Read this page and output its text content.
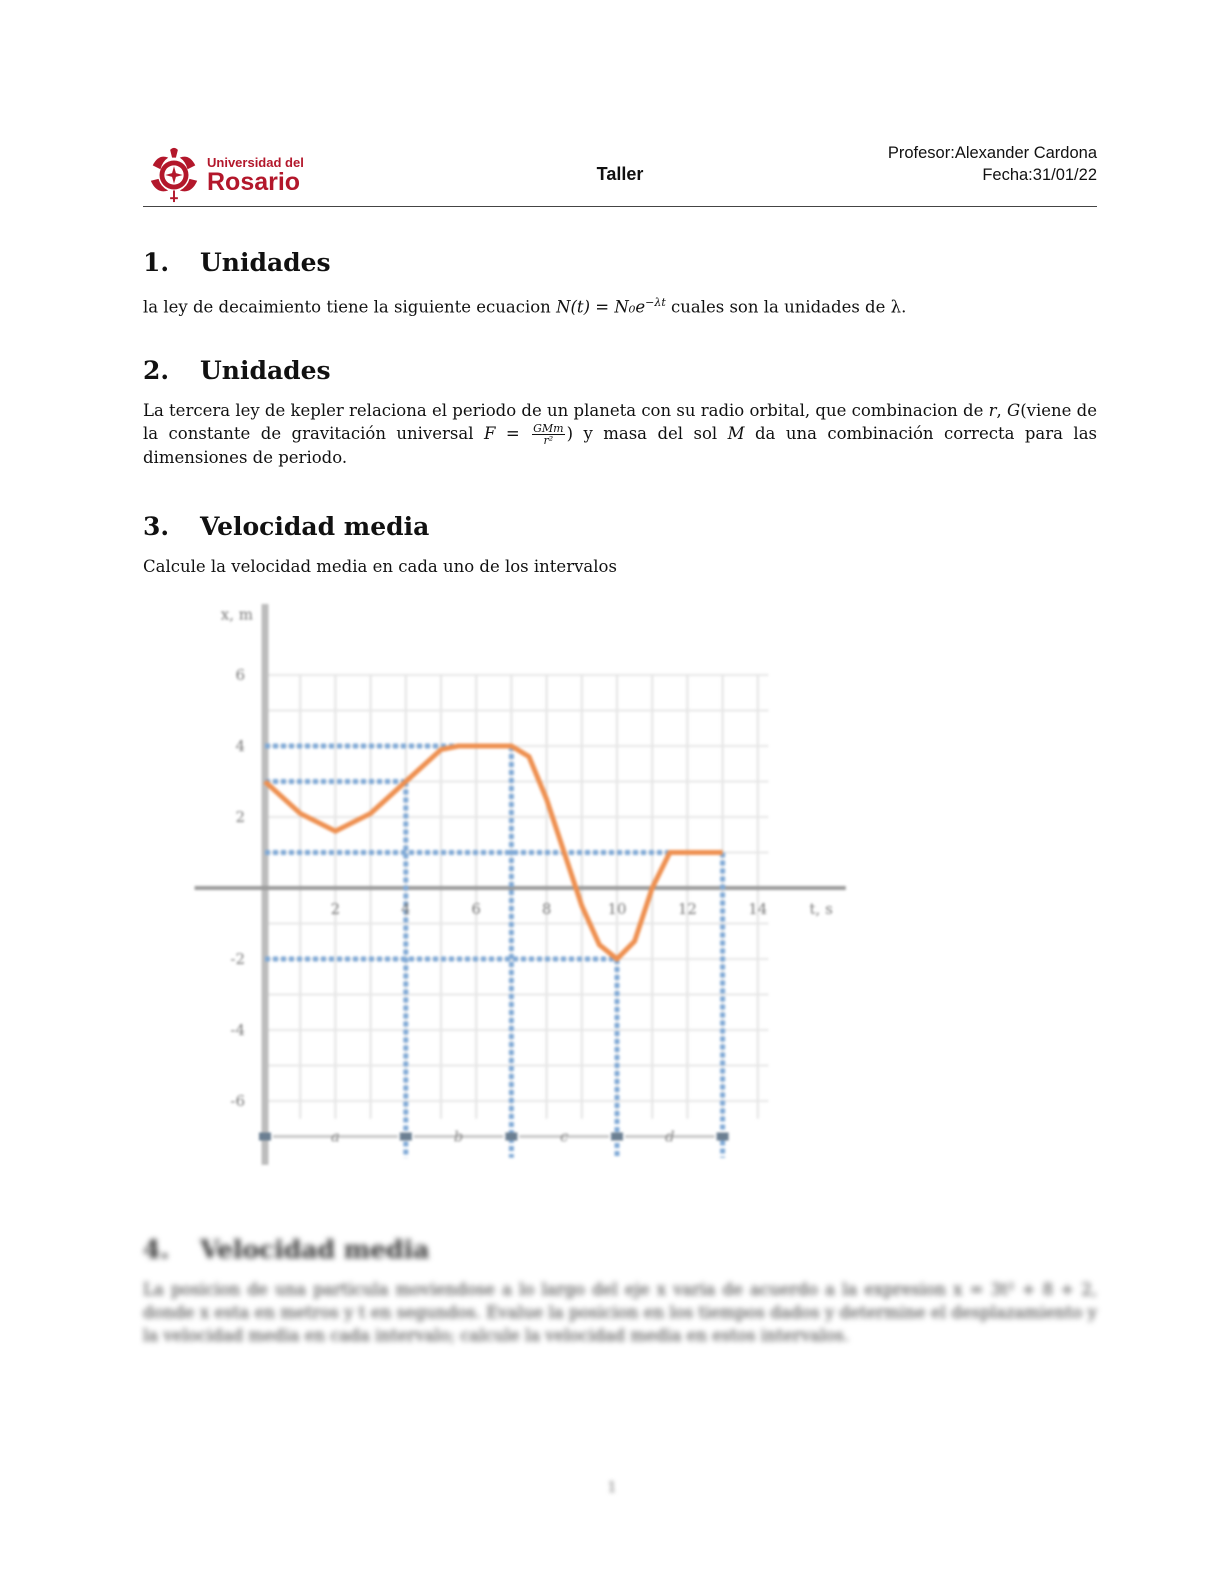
Universidad del
Rosario	Taller
Profesor:Alexander Cardona
Fecha:31/01/22
1.	Unidades
la ley de decaimiento tiene la siguiente ecuacion $N(t) = N_0e^{-\lambda t}$ cuales son la unidades de λ.
2.	Unidades
La tercera ley de kepler relaciona el periodo de un planeta con su radio orbital, que combinacion de r, G(viene de la constante de gravitación universal $F = \frac{\text{GMm}}{\text{r²}}$ ) y masa del sol M da una combinación correcta para las dimensiones de periodo.
3.	Velocidad media
Calcule la velocidad media en cada uno de los intervalos
2	4	6	8	10	12	14
6
4
2
-2
-4
-6
t, s
x, m
a	b	c	d
4.	Velocidad media
La posicion de una particula moviendose a lo largo del eje x varia de acuerdo a la expresion x = 3t² + 8 + 2, donde x esta en metros y t en segundos. Evalue la posicion en los tiempos dados y determine el desplazamiento y la velocidad media en cada intervalo; calcule la velocidad media en estos intervalos.
1
